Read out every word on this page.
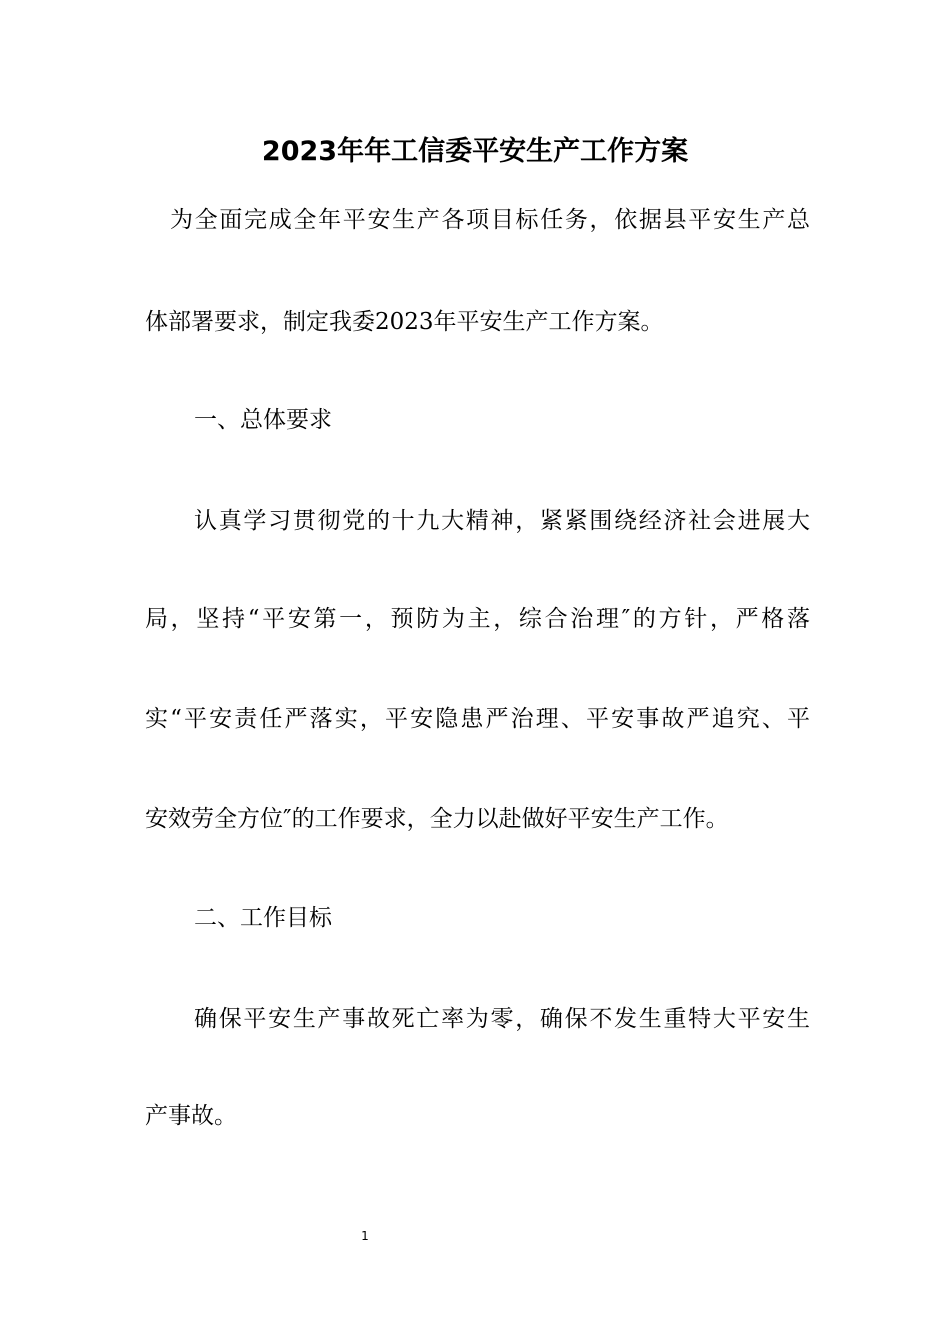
2023年年工信委平安生产工作方案
为全面完成全年平安生产各项目标任务，依据县平安生产总
体部署要求，制定我委2023年平安生产工作方案。
一、总体要求
认真学习贯彻党的十九大精神，紧紧围绕经济社会进展大
局，坚持“平安第一，预防为主，综合治理″的方针，严格落
实“平安责任严落实，平安隐患严治理、平安事故严追究、平
安效劳全方位″的工作要求，全力以赴做好平安生产工作。
二、工作目标
确保平安生产事故死亡率为零，确保不发生重特大平安生
产事故。
1
